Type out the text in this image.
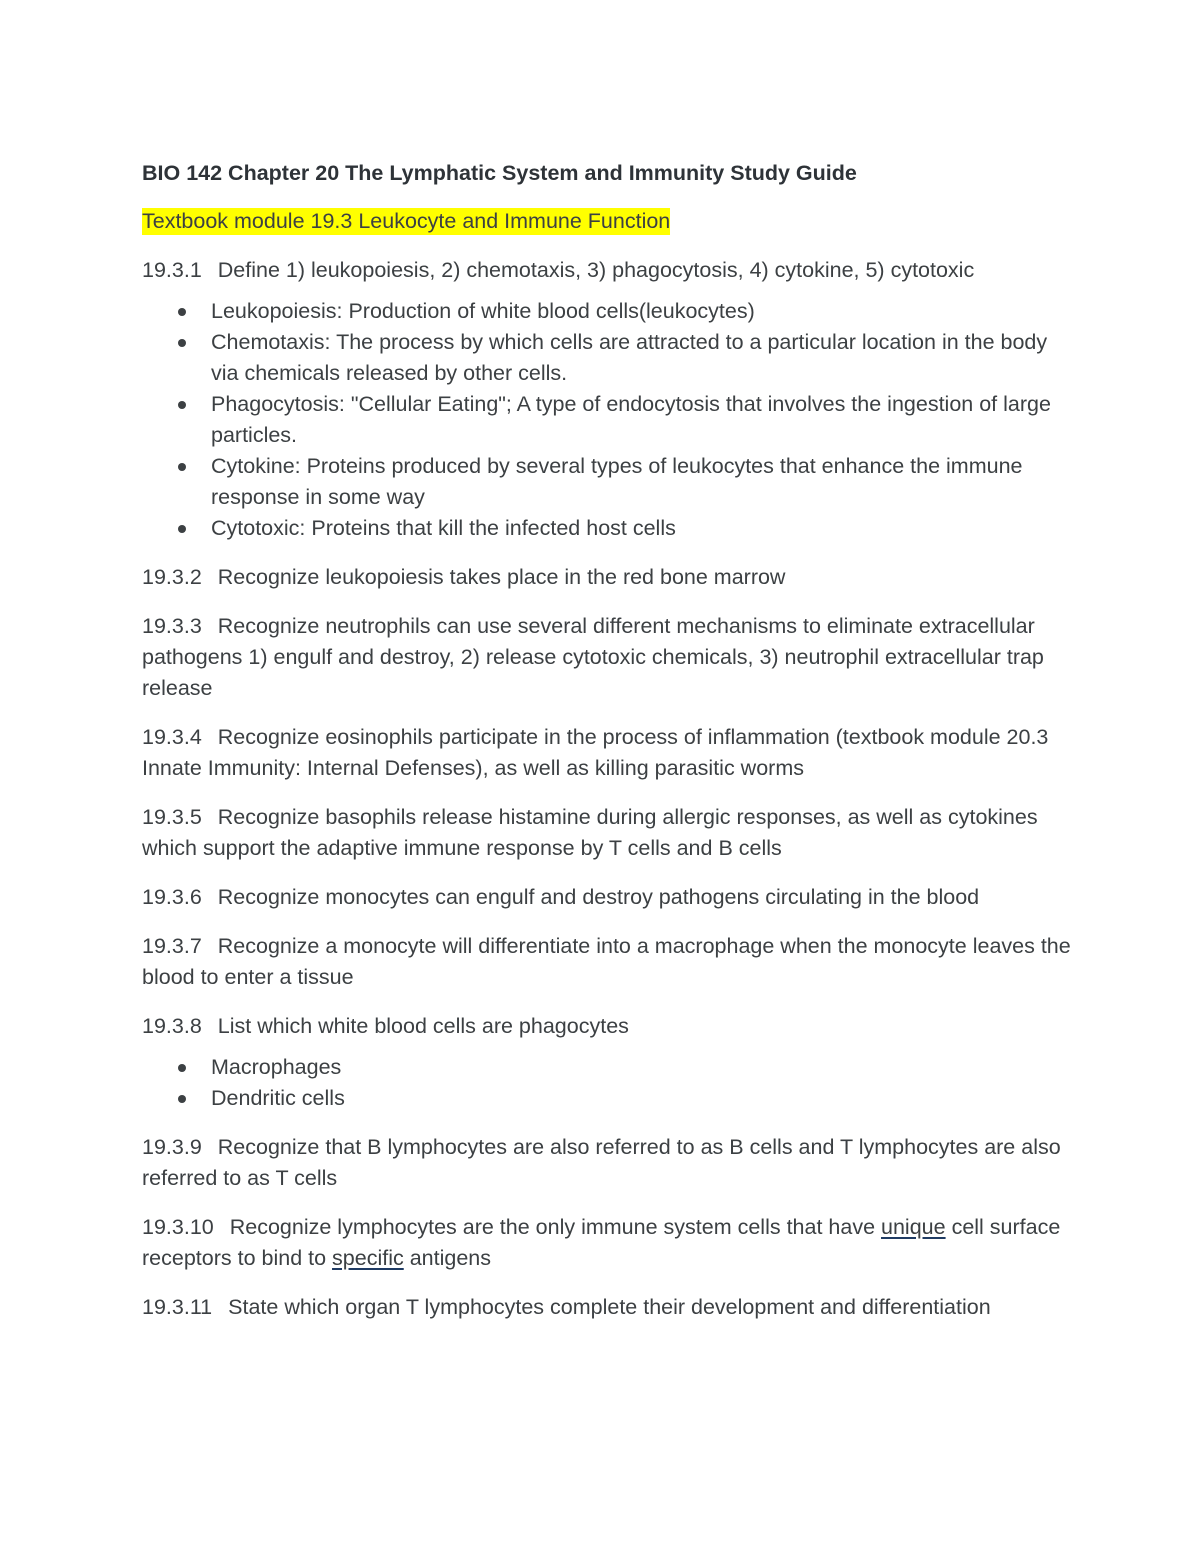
BIO 142 Chapter 20 The Lymphatic System and Immunity Study Guide
Textbook module 19.3 Leukocyte and Immune Function
19.3.1 Define 1) leukopoiesis, 2) chemotaxis, 3) phagocytosis, 4) cytokine, 5) cytotoxic
Leukopoiesis: Production of white blood cells(leukocytes)
Chemotaxis: The process by which cells are attracted to a particular location in the body via chemicals released by other cells.
Phagocytosis: "Cellular Eating"; A type of endocytosis that involves the ingestion of large particles.
Cytokine: Proteins produced by several types of leukocytes that enhance the immune response in some way
Cytotoxic: Proteins that kill the infected host cells
19.3.2 Recognize leukopoiesis takes place in the red bone marrow
19.3.3 Recognize neutrophils can use several different mechanisms to eliminate extracellular pathogens 1) engulf and destroy, 2) release cytotoxic chemicals, 3) neutrophil extracellular trap release
19.3.4 Recognize eosinophils participate in the process of inflammation (textbook module 20.3 Innate Immunity: Internal Defenses), as well as killing parasitic worms
19.3.5 Recognize basophils release histamine during allergic responses, as well as cytokines which support the adaptive immune response by T cells and B cells
19.3.6 Recognize monocytes can engulf and destroy pathogens circulating in the blood
19.3.7 Recognize a monocyte will differentiate into a macrophage when the monocyte leaves the blood to enter a tissue
19.3.8 List which white blood cells are phagocytes
Macrophages
Dendritic cells
19.3.9 Recognize that B lymphocytes are also referred to as B cells and T lymphocytes are also referred to as T cells
19.3.10 Recognize lymphocytes are the only immune system cells that have unique cell surface receptors to bind to specific antigens
19.3.11 State which organ T lymphocytes complete their development and differentiation
